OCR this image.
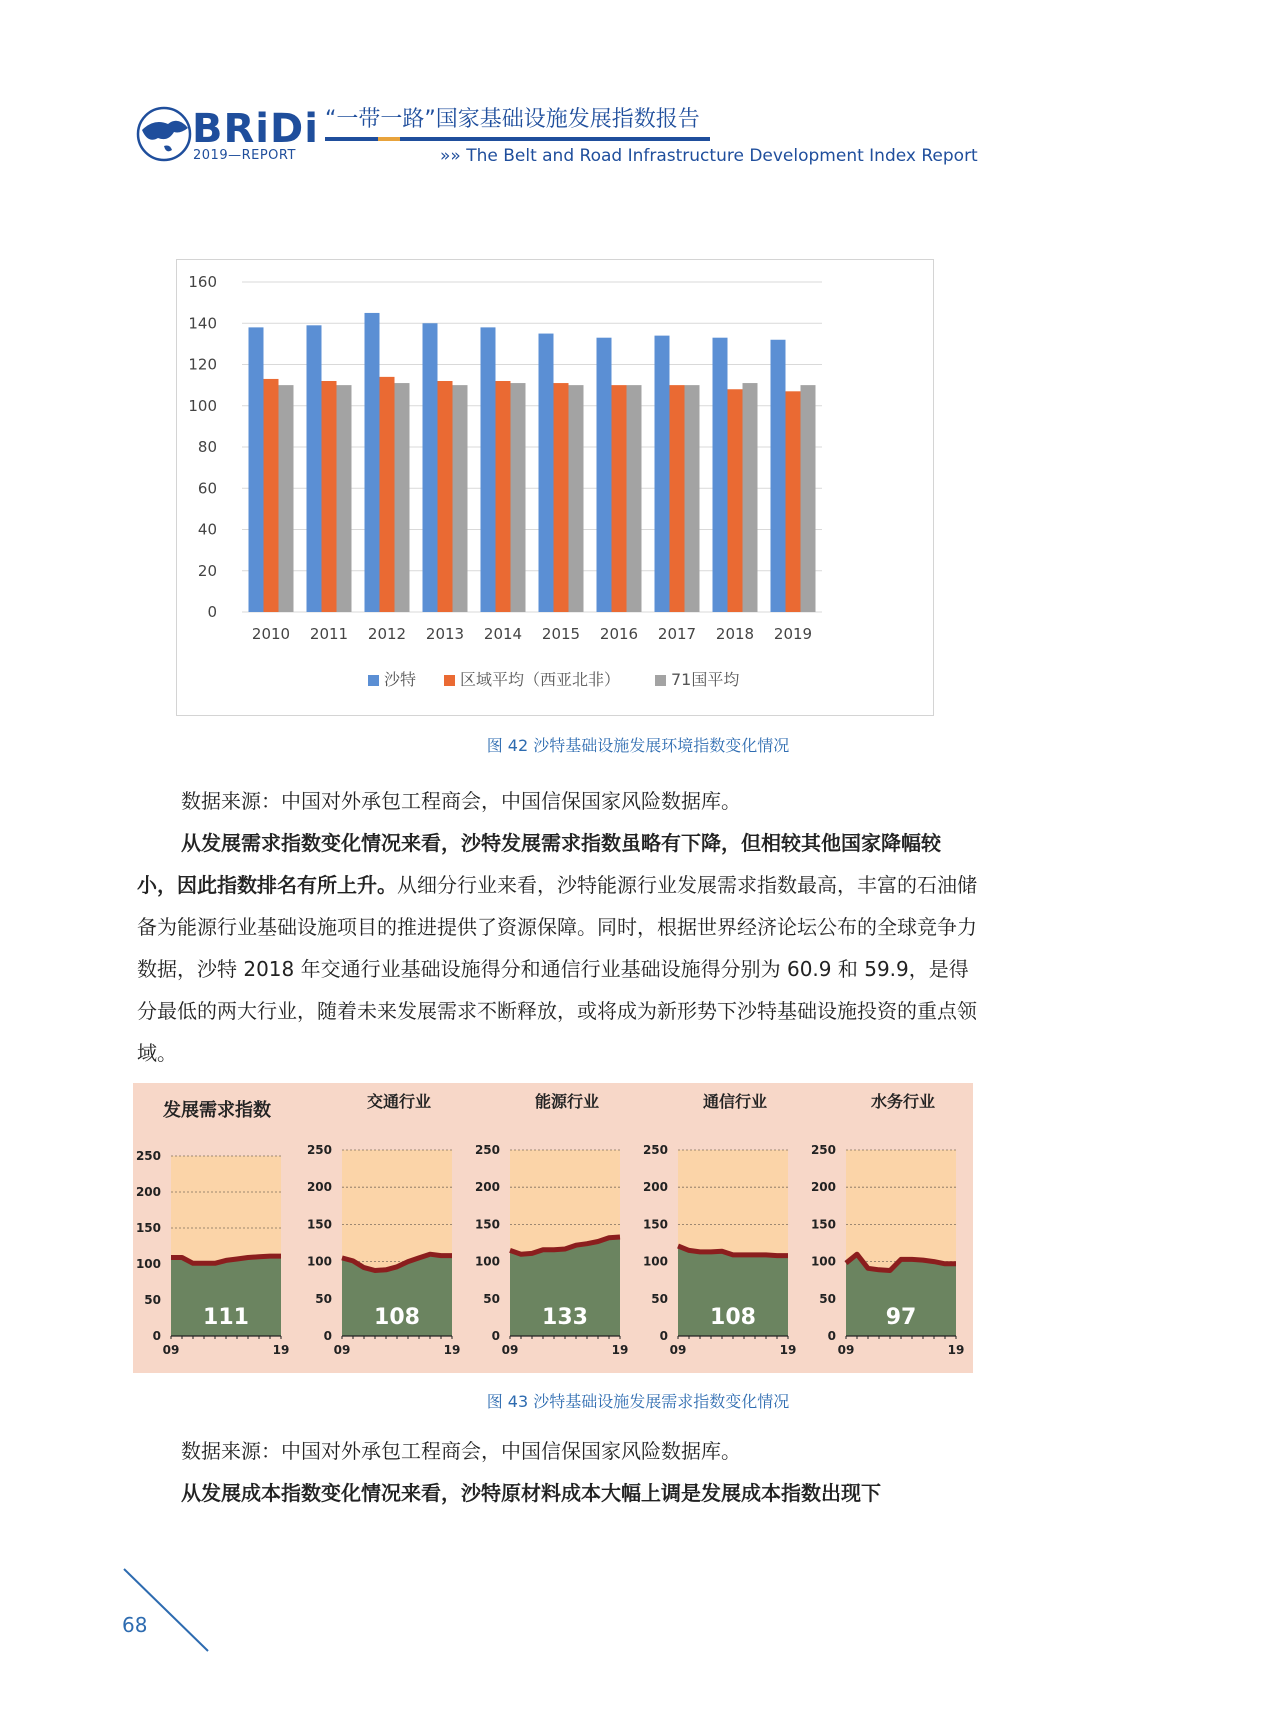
BRiDi
2019—REPORT
“一带一路”国家基础设施发展指数报告
»» The Belt and Road Infrastructure Development Index Report
0
20
40
60
80
100
120
140
160
2010 2011 2012 2013 2014 2015 2016 2017 2018 2019
沙特	区域平均（西亚北非）	71国平均
图 42 沙特基础设施发展环境指数变化情况
数据来源：中国对外承包工程商会，中国信保国家风险数据库。
从发展需求指数变化情况来看，沙特发展需求指数虽略有下降，但相较其他国家降幅较小，因此指数排名有所上升。从细分行业来看，沙特能源行业发展需求指数最高，丰富的石油储备为能源行业基础设施项目的推进提供了资源保障。同时，根据世界经济论坛公布的全球竞争力数据，沙特 2018 年交通行业基础设施得分和通信行业基础设施得分别为 60.9 和 59.9，是得分最低的两大行业，随着未来发展需求不断释放，或将成为新形势下沙特基础设施投资的重点领域。
发展需求指数
0
50
100
150
200
250
09	19
111
交通行业
0
50
100
150
200
250
09	19
108
能源行业
0
50
100
150
200
250
09	19
133
通信行业
0
50
100
150
200
250
09	19
108
水务行业
0
50
100
150
200
250
09	19
97
图 43 沙特基础设施发展需求指数变化情况
数据来源：中国对外承包工程商会，中国信保国家风险数据库。
从发展成本指数变化情况来看，沙特原材料成本大幅上调是发展成本指数出现下
68
